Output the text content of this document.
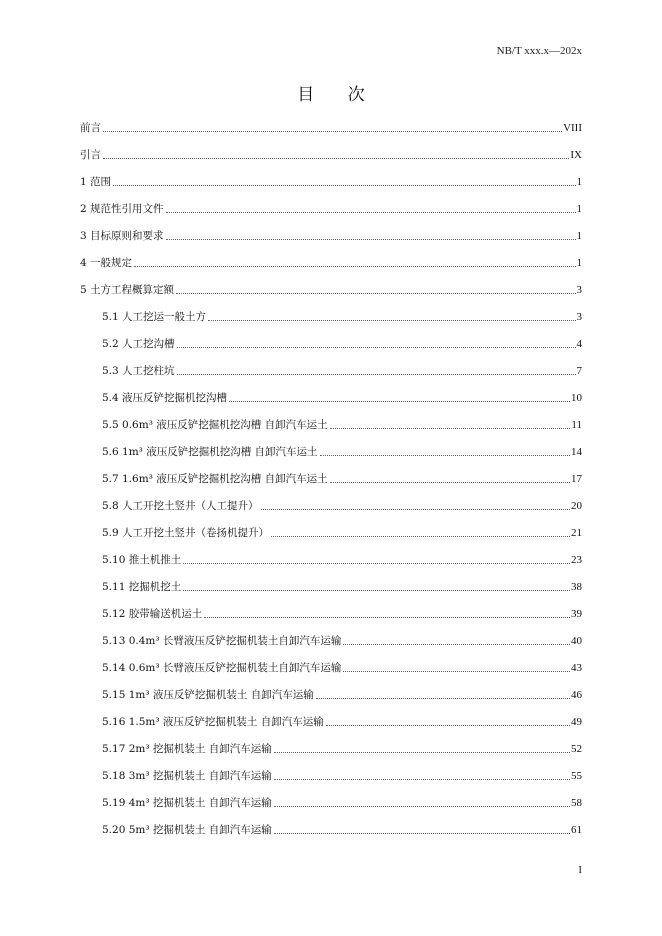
NB/T xxx.x—202x
目 次
前言	VIII
引言	IX
1 范围	1
2 规范性引用文件	1
3 目标原则和要求	1
4 一般规定	1
5 土方工程概算定额	3
5.1 人工挖运一般土方	3
5.2 人工挖沟槽	4
5.3 人工挖柱坑	7
5.4 液压反铲挖掘机挖沟槽	10
5.5 0.6m³ 液压反铲挖掘机挖沟槽 自卸汽车运土	11
5.6 1m³ 液压反铲挖掘机挖沟槽 自卸汽车运土	14
5.7 1.6m³ 液压反铲挖掘机挖沟槽 自卸汽车运土	17
5.8 人工开挖土竖井（人工提升）	20
5.9 人工开挖土竖井（卷扬机提升）	21
5.10 推土机推土	23
5.11 挖掘机挖土	38
5.12 胶带输送机运土	39
5.13 0.4m³ 长臂液压反铲挖掘机装土自卸汽车运输	40
5.14 0.6m³ 长臂液压反铲挖掘机装土自卸汽车运输	43
5.15 1m³ 液压反铲挖掘机装土 自卸汽车运输	46
5.16 1.5m³ 液压反铲挖掘机装土 自卸汽车运输	49
5.17 2m³ 挖掘机装土 自卸汽车运输	52
5.18 3m³ 挖掘机装土 自卸汽车运输	55
5.19 4m³ 挖掘机装土 自卸汽车运输	58
5.20 5m³ 挖掘机装土 自卸汽车运输	61
I
